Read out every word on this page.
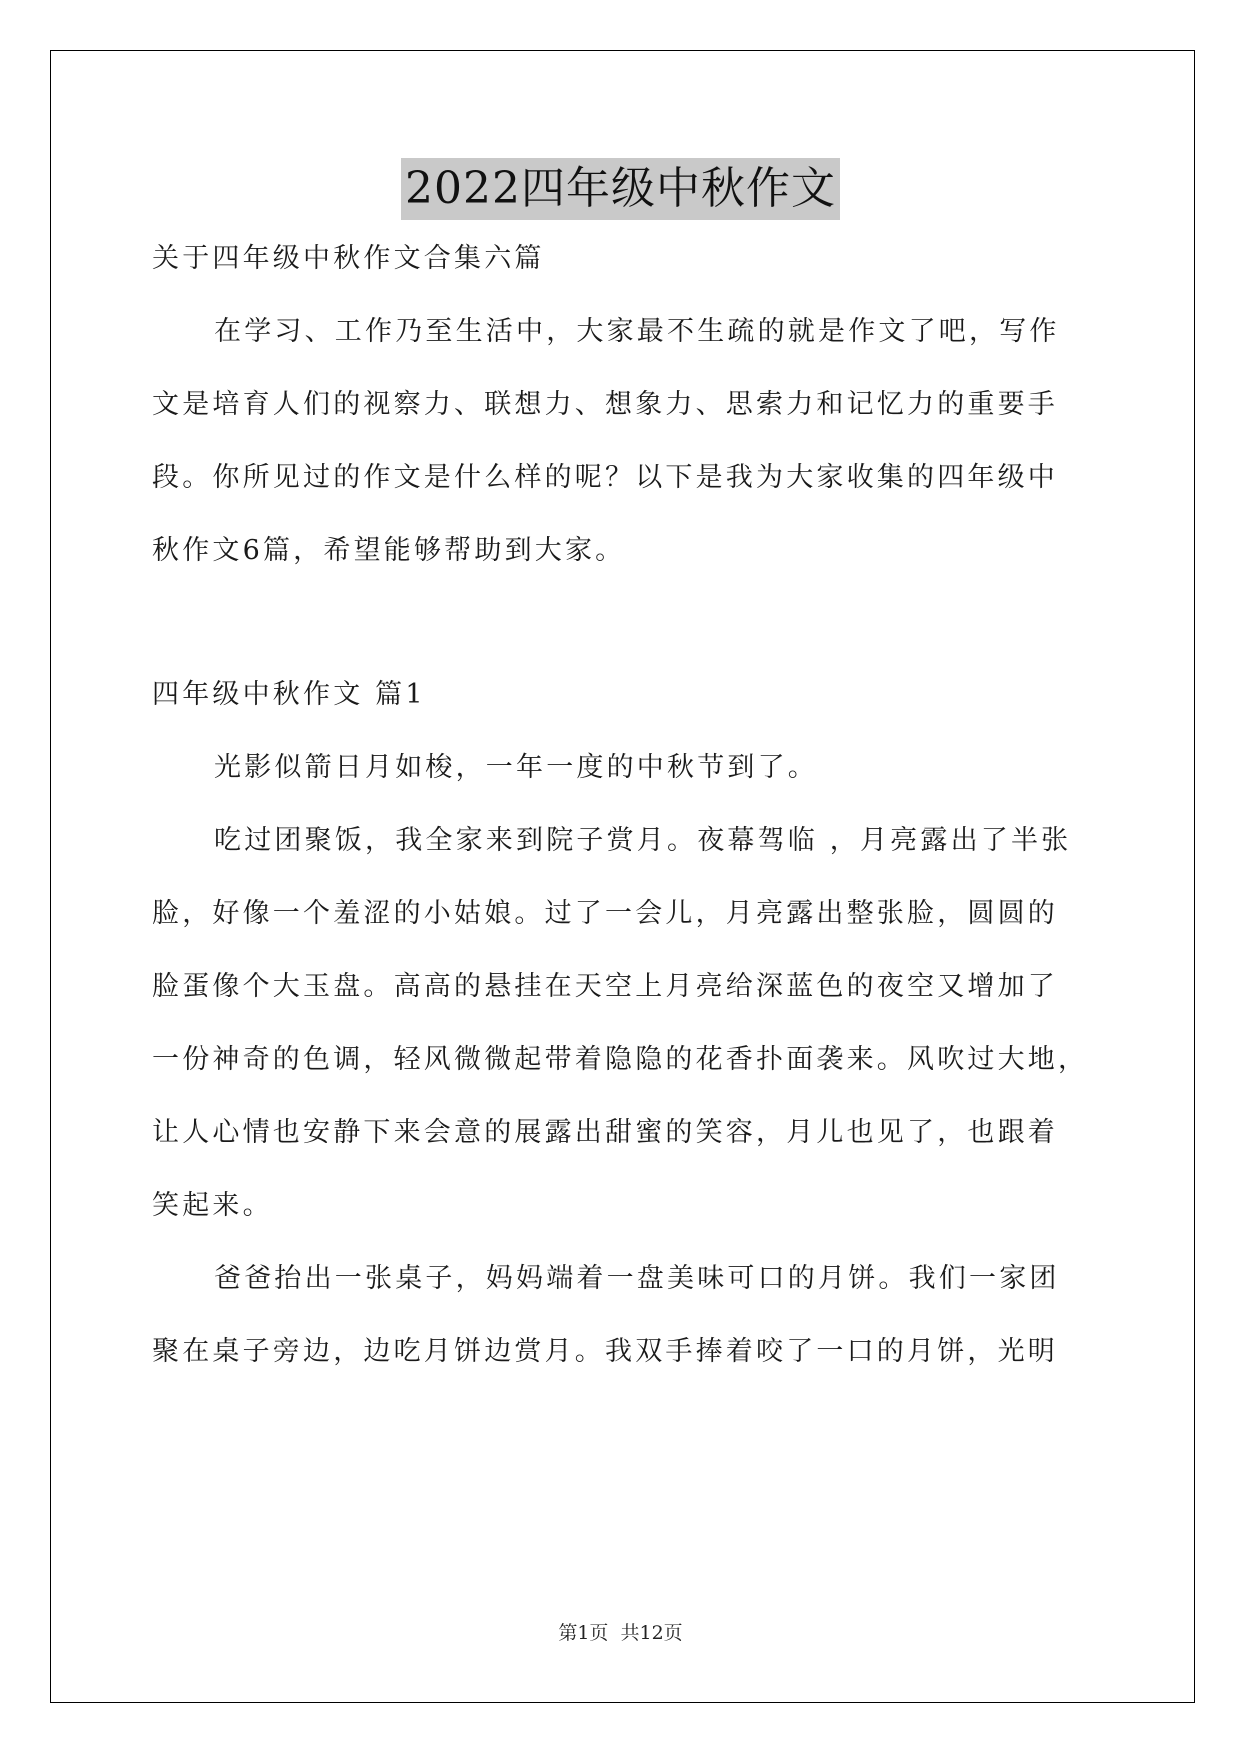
2022四年级中秋作文
关于四年级中秋作文合集六篇
在学习、工作乃至生活中，大家最不生疏的就是作文了吧，写作
文是培育人们的视察力、联想力、想象力、思索力和记忆力的重要手
段。你所见过的作文是什么样的呢？以下是我为大家收集的四年级中
秋作文6篇，希望能够帮助到大家。
四年级中秋作文 篇1
光影似箭日月如梭，一年一度的中秋节到了。
吃过团聚饭，我全家来到院子赏月。夜幕驾临 ，月亮露出了半张
脸，好像一个羞涩的小姑娘。过了一会儿，月亮露出整张脸，圆圆的
脸蛋像个大玉盘。高高的悬挂在天空上月亮给深蓝色的夜空又增加了
一份神奇的色调，轻风微微起带着隐隐的花香扑面袭来。风吹过大地，
让人心情也安静下来会意的展露出甜蜜的笑容，月儿也见了，也跟着
笑起来。
爸爸抬出一张桌子，妈妈端着一盘美味可口的月饼。我们一家团
聚在桌子旁边，边吃月饼边赏月。我双手捧着咬了一口的月饼，光明
第1页  共12页
